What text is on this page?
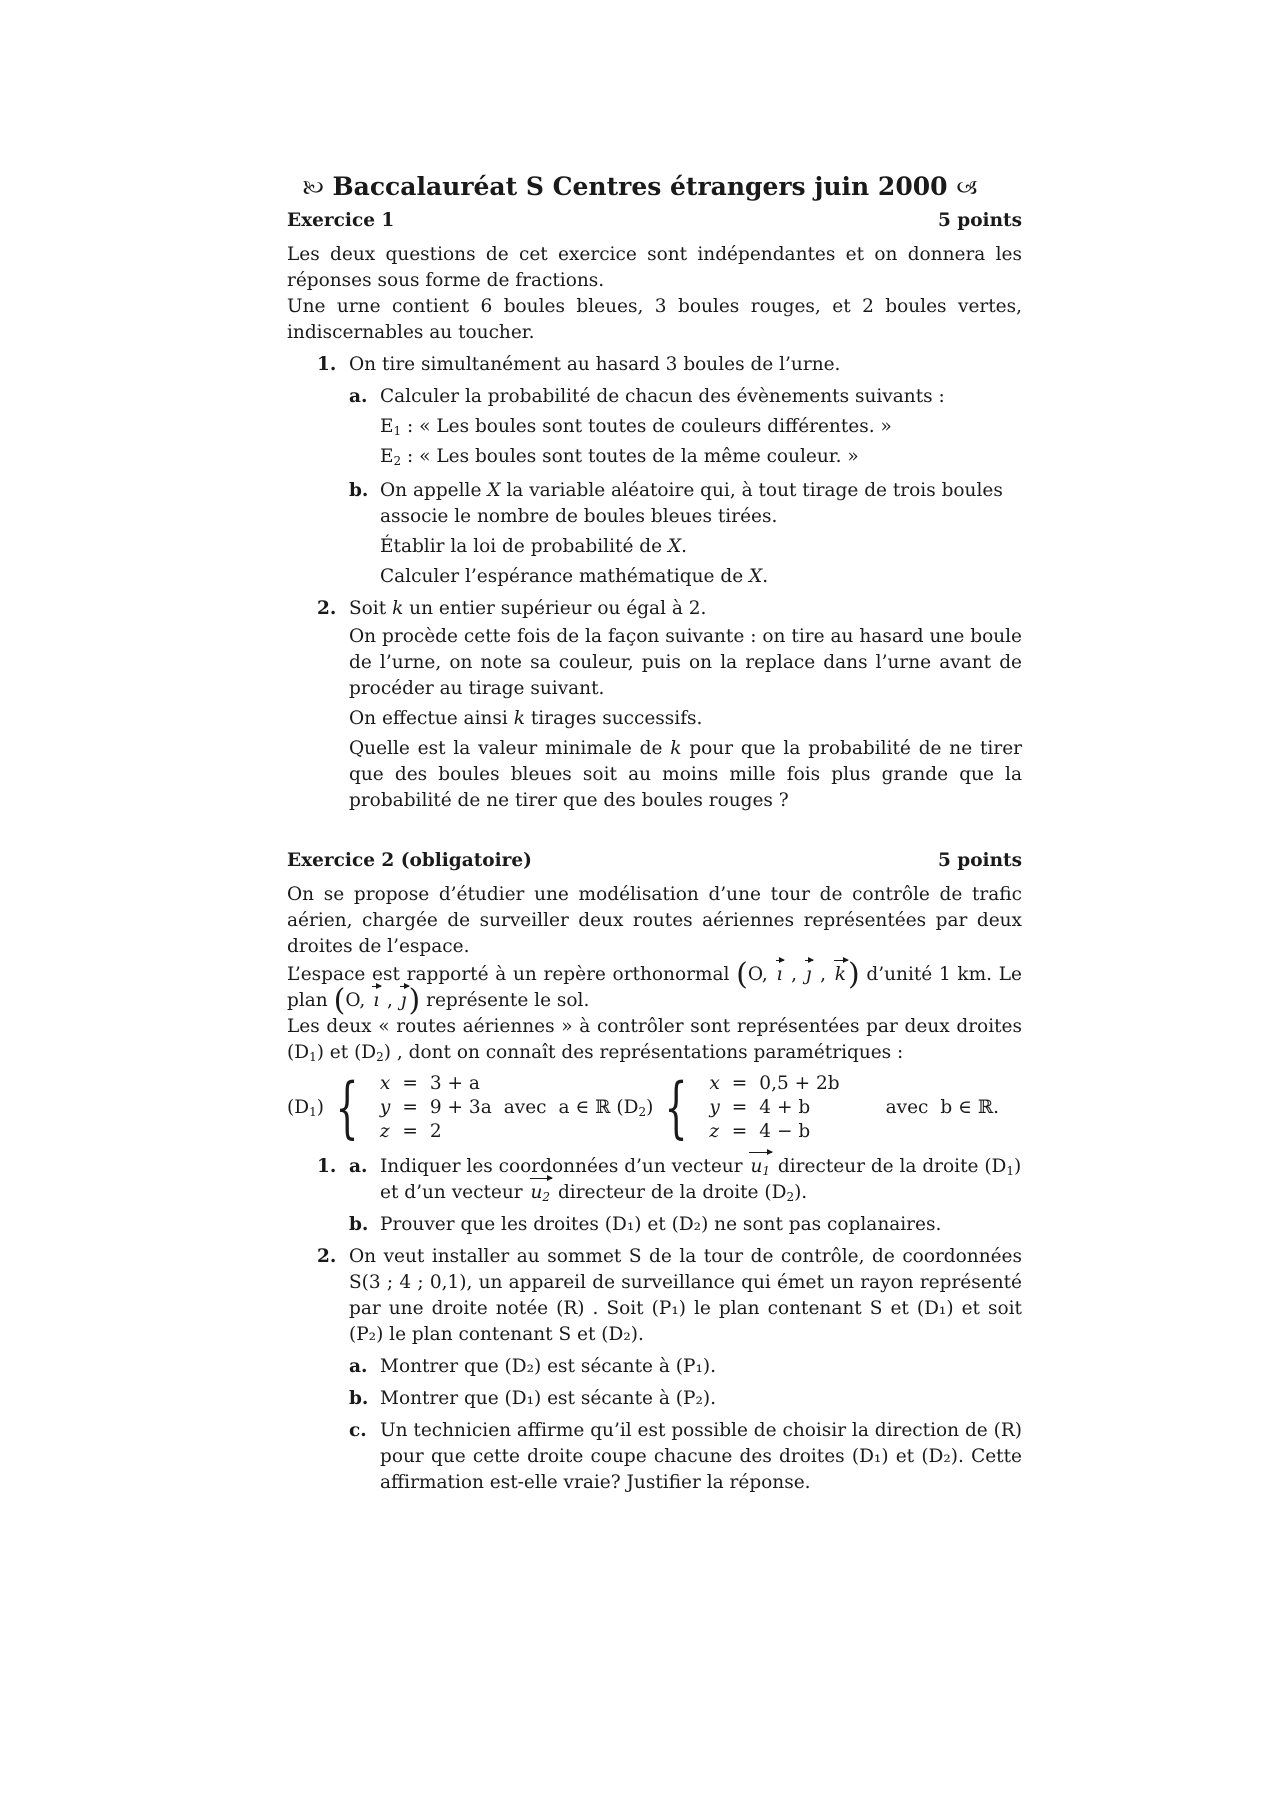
🙠 Baccalauréat S Centres étrangers juin 2000 🙢
Exercice 1	5 points

Les deux questions de cet exercice sont indépendantes et on donnera les réponses sous forme de fractions.

Une urne contient 6 boules bleues, 3 boules rouges, et 2 boules vertes, indiscernables au toucher.

1. On tire simultanément au hasard 3 boules de l’urne.
a. Calculer la probabilité de chacun des évènements suivants :
$E_1$ : « Les boules sont toutes de couleurs différentes. »
$E_2$ : « Les boules sont toutes de la même couleur. »
b. On appelle X la variable aléatoire qui, à tout tirage de trois boules associe le nombre de boules bleues tirées.
Établir la loi de probabilité de X.
Calculer l’espérance mathématique de X.
2. Soit k un entier supérieur ou égal à 2.

On procède cette fois de la façon suivante : on tire au hasard une boule de l’urne, on note sa couleur, puis on la replace dans l’urne avant de procéder au tirage suivant.

On effectue ainsi k tirages successifs.

Quelle est la valeur minimale de k pour que la probabilité de ne tirer que des boules bleues soit au moins mille fois plus grande que la probabilité de ne tirer que des boules rouges ?

Exercice 2 (obligatoire)	5 points

On se propose d’étudier une modélisation d’une tour de contrôle de trafic aérien, chargée de surveiller deux routes aériennes représentées par deux droites de l’espace.

L’espace est rapporté à un repère orthonormal (O, ı , ȷ , k) d’unité 1 km. Le plan (O, ı , ȷ) représente le sol.

Les deux « routes aériennes » à contrôler sont représentées par deux droites $(D_1)$ et $(D_2)$ , dont on connaît des représentations paramétriques :

$(D_1)$ { x	=	3 + a		
y	=	9 + 3a	avec	a ∈ ℝ
z	=	2		
$(D_2)$ { x	=	0,5 + 2b		
y	=	4 + b	avec	b ∈ ℝ.
z	=	4 − b		
1. a. Indiquer les coordonnées d’un vecteur $u_1$ directeur de la droite $(D_1)$ et d’un vecteur $u_2$ directeur de la droite $(D_2)$.
b. Prouver que les droites (D₁) et (D₂) ne sont pas coplanaires.
2. On veut installer au sommet S de la tour de contrôle, de coordonnées S(3 ; 4 ; 0,1), un appareil de surveillance qui émet un rayon représenté par une droite notée (R) . Soit (P₁) le plan contenant S et (D₁) et soit (P₂) le plan contenant S et (D₂).

a. Montrer que (D₂) est sécante à (P₁).
b. Montrer que (D₁) est sécante à (P₂).
c. Un technicien affirme qu’il est possible de choisir la direction de (R) pour que cette droite coupe chacune des droites (D₁) et (D₂). Cette affirmation est-elle vraie? Justifier la réponse.
